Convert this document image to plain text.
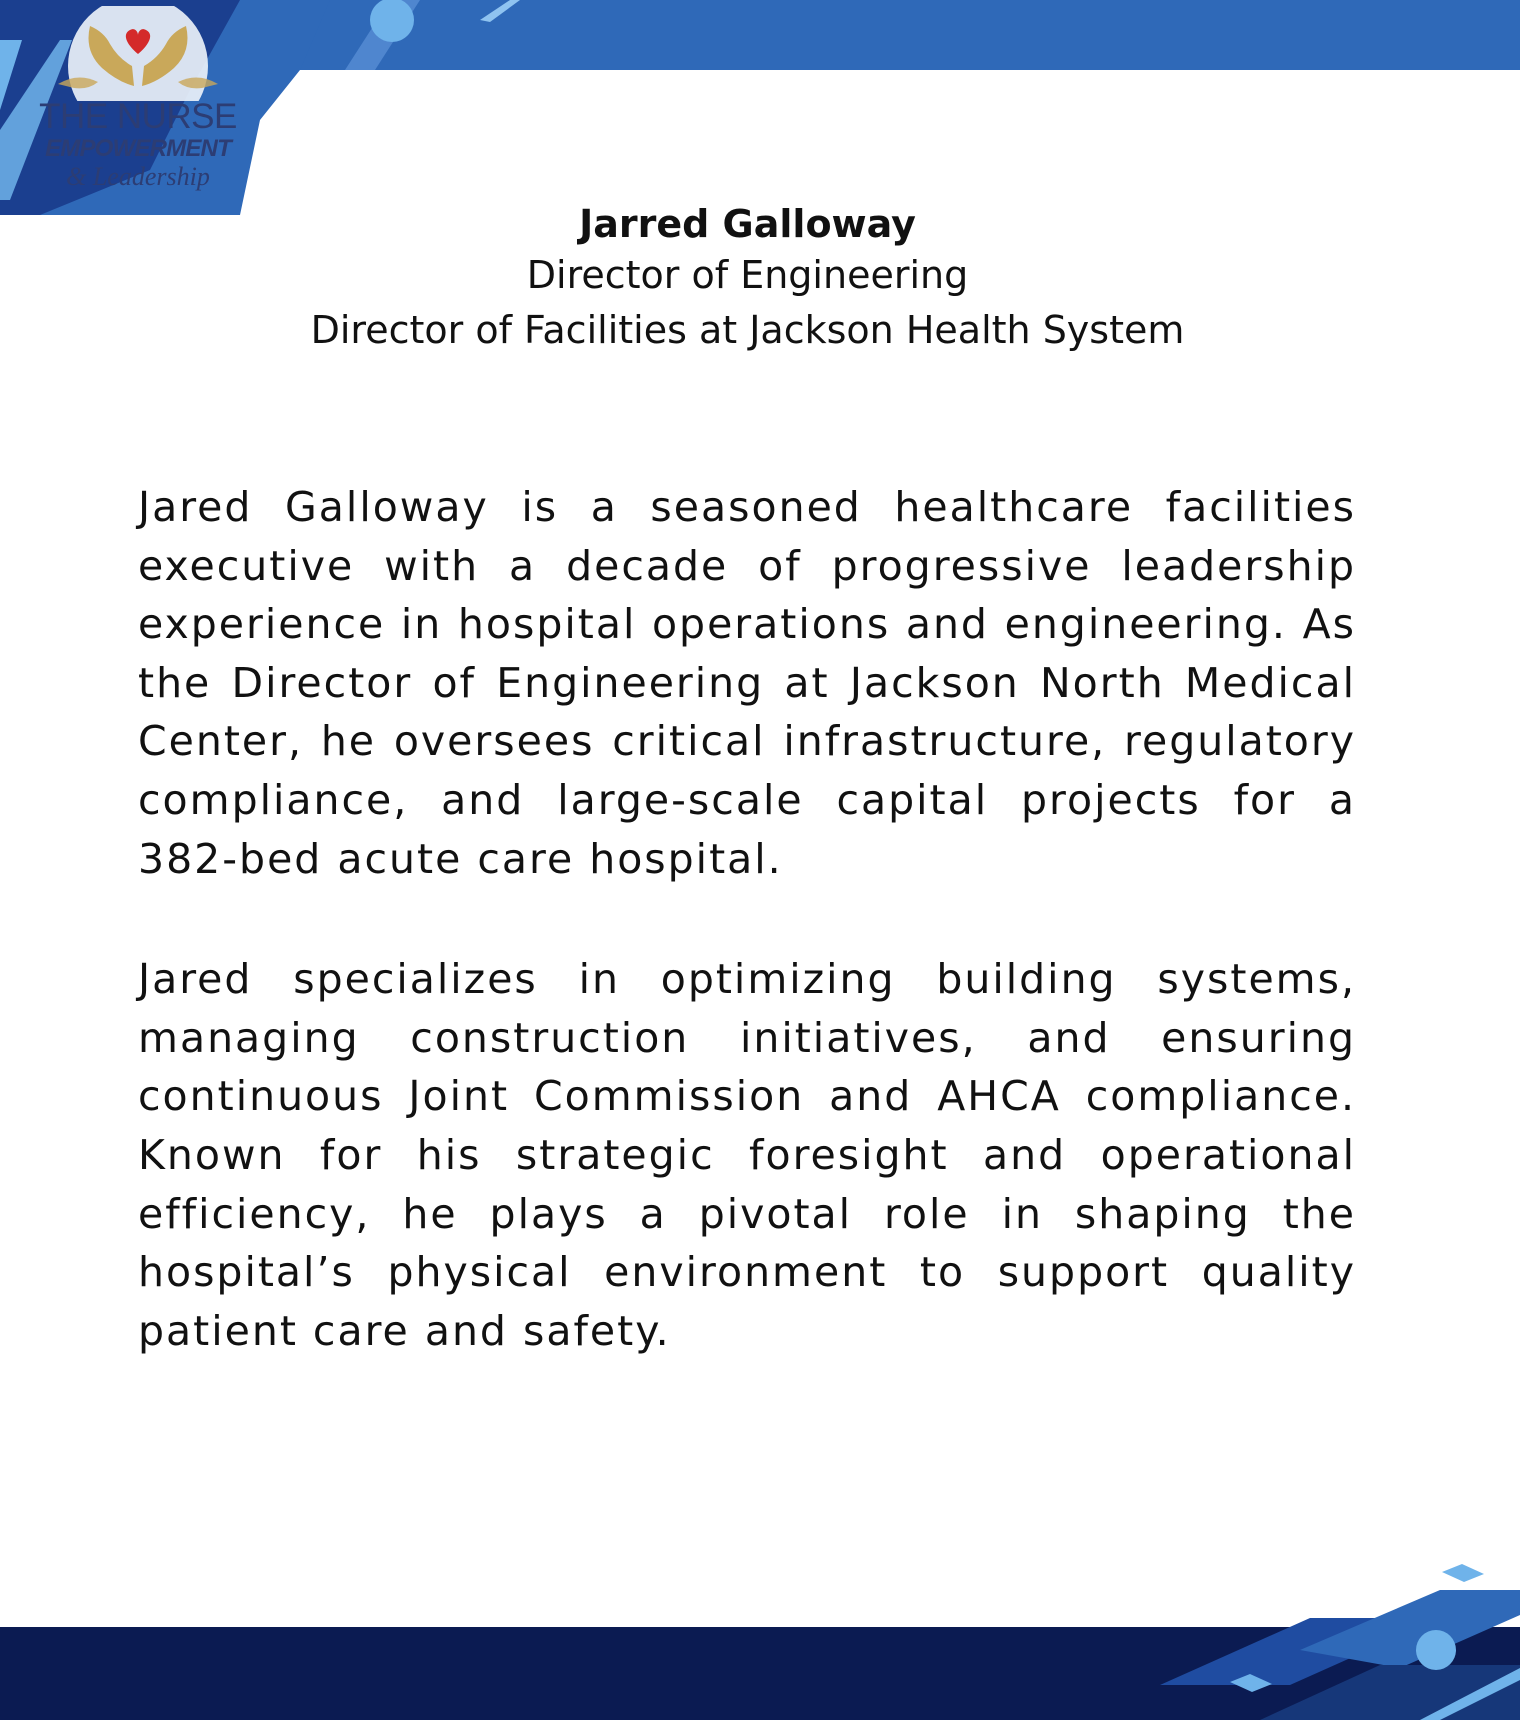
THE NURSE
EMPOWERMENT
& Leadership
Jarred Galloway
Director of Engineering
Director of Facilities at Jackson Health System

Jared Galloway is a seasoned healthcare facilities executive with a decade of progressive leadership experience in hospital operations and engineering. As the Director of Engineering at Jackson North Medical Center, he oversees critical infrastructure, regulatory compliance, and large-scale capital projects for a 382-bed acute care hospital.

Jared specializes in optimizing building systems, managing construction initiatives, and ensuring continuous Joint Commission and AHCA compliance. Known for his strategic foresight and operational efficiency, he plays a pivotal role in shaping the hospital’s physical environment to support quality patient care and safety.
